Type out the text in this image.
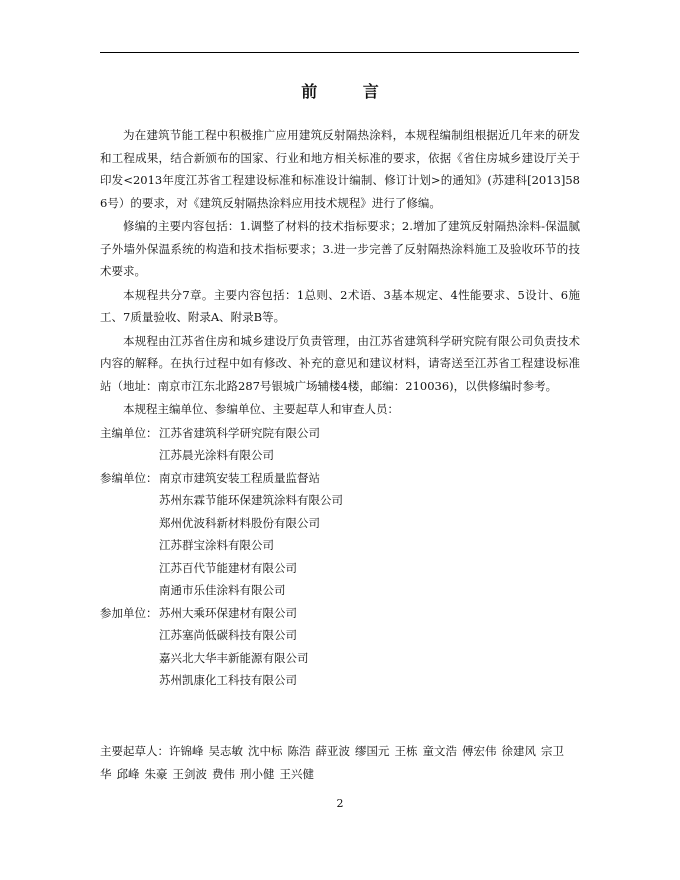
前 言

为在建筑节能工程中积极推广应用建筑反射隔热涂料，本规程编制组根据近几年来的研发和工程成果，结合新颁布的国家、行业和地方相关标准的要求，依据《省住房城乡建设厅关于印发<2013年度江苏省工程建设标准和标准设计编制、修订计划>的通知》(苏建科[2013]586号）的要求，对《建筑反射隔热涂料应用技术规程》进行了修编。

修编的主要内容包括：1.调整了材料的技术指标要求；2.增加了建筑反射隔热涂料-保温腻子外墙外保温系统的构造和技术指标要求；3.进一步完善了反射隔热涂料施工及验收环节的技术要求。

本规程共分7章。主要内容包括：1总则、2术语、3基本规定、4性能要求、5设计、6施工、7质量验收、附录A、附录B等。

本规程由江苏省住房和城乡建设厅负责管理，由江苏省建筑科学研究院有限公司负责技术内容的解释。在执行过程中如有修改、补充的意见和建议材料，请寄送至江苏省工程建设标准站（地址：南京市江东北路287号银城广场辅楼4楼，邮编：210036)，以供修编时参考。

本规程主编单位、参编单位、主要起草人和审查人员：

主编单位： 江苏省建筑科学研究院有限公司
江苏晨光涂料有限公司
参编单位： 南京市建筑安装工程质量监督站
苏州东霖节能环保建筑涂料有限公司
郑州优波科新材料股份有限公司
江苏群宝涂料有限公司
江苏百代节能建材有限公司
南通市乐佳涂料有限公司
参加单位： 苏州大乘环保建材有限公司
江苏塞尚低碳科技有限公司
嘉兴北大华丰新能源有限公司
苏州凯康化工科技有限公司
主要起草人：许锦峰 吴志敏 沈中标 陈浩 薛亚波 缪国元 王栋 童文浩 傅宏伟 徐建风 宗卫华 邱峰 朱豪 王剑波 费伟 刑小健 王兴健
2
